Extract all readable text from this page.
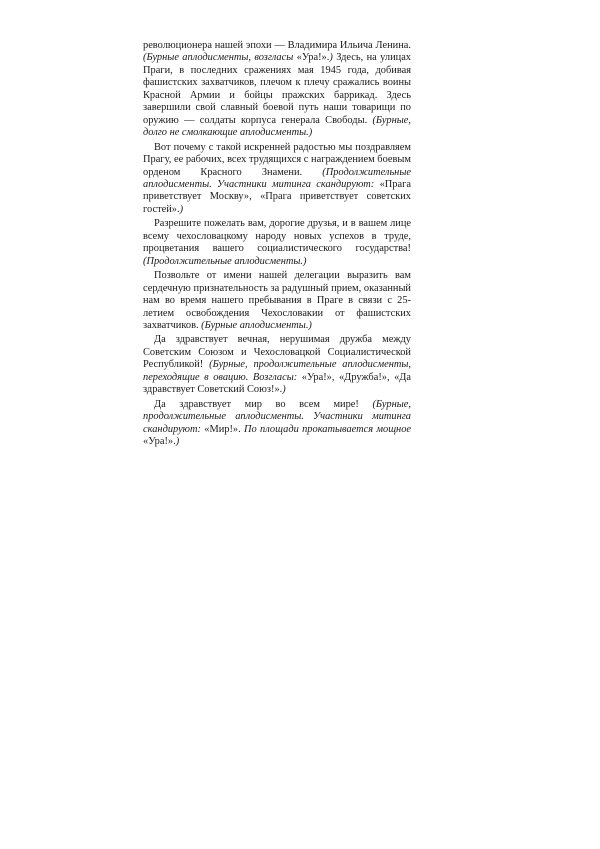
революционера нашей эпохи — Владимира Ильича Ленина. (Бурные аплодисменты, возгласы «Ура!».) Здесь, на улицах Праги, в последних сражениях мая 1945 года, добивая фашистских захватчиков, плечом к плечу сражались воины Красной Армии и бойцы пражских баррикад. Здесь завершили свой славный боевой путь наши товарищи по оружию — солдаты корпуса генерала Свободы. (Бурные, долго не смолкающие аплодисменты.)

Вот почему с такой искренней радостью мы поздравляем Прагу, ее рабочих, всех трудящихся с награждением боевым орденом Красного Знамени. (Продолжительные аплодисменты. Участники митинга скандируют: «Прага приветствует Москву», «Прага приветствует советских гостей».)

Разрешите пожелать вам, дорогие друзья, и в вашем лице всему чехословацкому народу новых успехов в труде, процветания вашего социалистического государства! (Продолжительные аплодисменты.)

Позвольте от имени нашей делегации выразить вам сердечную признательность за радушный прием, оказанный нам во время нашего пребывания в Праге в связи с 25-летием освобождения Чехословакии от фашистских захватчиков. (Бурные аплодисменты.)

Да здравствует вечная, нерушимая дружба между Советским Союзом и Чехословацкой Социалистической Республикой! (Бурные, продолжительные аплодисменты, переходящие в овацию. Возгласы: «Ура!», «Дружба!», «Да здравствует Советский Союз!».)

Да здравствует мир во всем мире! (Бурные, продолжительные аплодисменты. Участники митинга скандируют: «Мир!». По площади прокатывается мощное «Ура!».)
